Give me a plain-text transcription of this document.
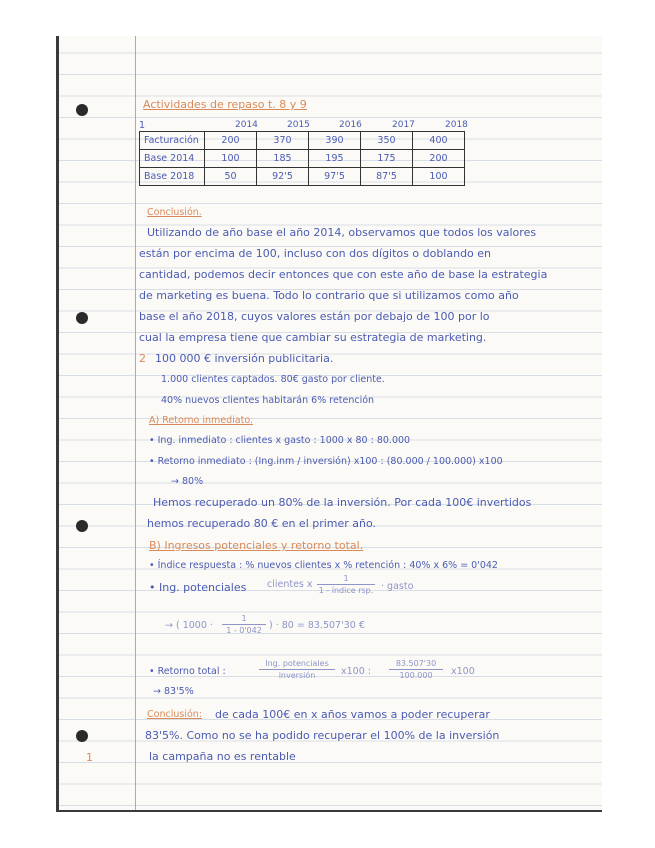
1
Actividades de repaso t. 8 y 9
1	2014	2015	2016	2017	2018
Facturación	200	370	390	350	400
Base 2014	100	185	195	175	200
Base 2018	50	92'5	97'5	87'5	100
Conclusión.
Utilizando de año base el año 2014, observamos que todos los valores
están por encima de 100, incluso con dos dígitos o doblando en
cantidad, podemos decir entonces que con este año de base la estrategia
de marketing es buena. Todo lo contrario que si utilizamos como año
base el año 2018, cuyos valores están por debajo de 100 por lo
cual la empresa tiene que cambiar su estrategia de marketing.
2 100 000 € inversión publicitaria.
1.000 clientes captados. 80€ gasto por cliente.
40% nuevos clientes habitarán 6% retención
A) Retorno inmediato.
• Ing. inmediato : clientes x gasto : 1000 x 80 : 80.000
• Retorno inmediato : (Ing.inm / inversión) x100 : (80.000 / 100.000) x100
→ 80%
Hemos recuperado un 80% de la inversión. Por cada 100€ invertidos
hemos recuperado 80 € en el primer año.
B) Ingresos potenciales y retorno total.
• Índice respuesta : % nuevos clientes x % retención : 40% x 6% = 0'042
• Ing. potenciales clientes x
1
1 - índice rsp. · gasto
→ ( 1000 ·
1
1 - 0'042 ) · 80 = 83.507'30 €
• Retorno total :
Ing. potenciales
inversión	x100 :
83.507'30
100.000	x100
→ 83'5%
Conclusión: de cada 100€ en x años vamos a poder recuperar
83'5%. Como no se ha podido recuperar el 100% de la inversión
la campaña no es rentable
